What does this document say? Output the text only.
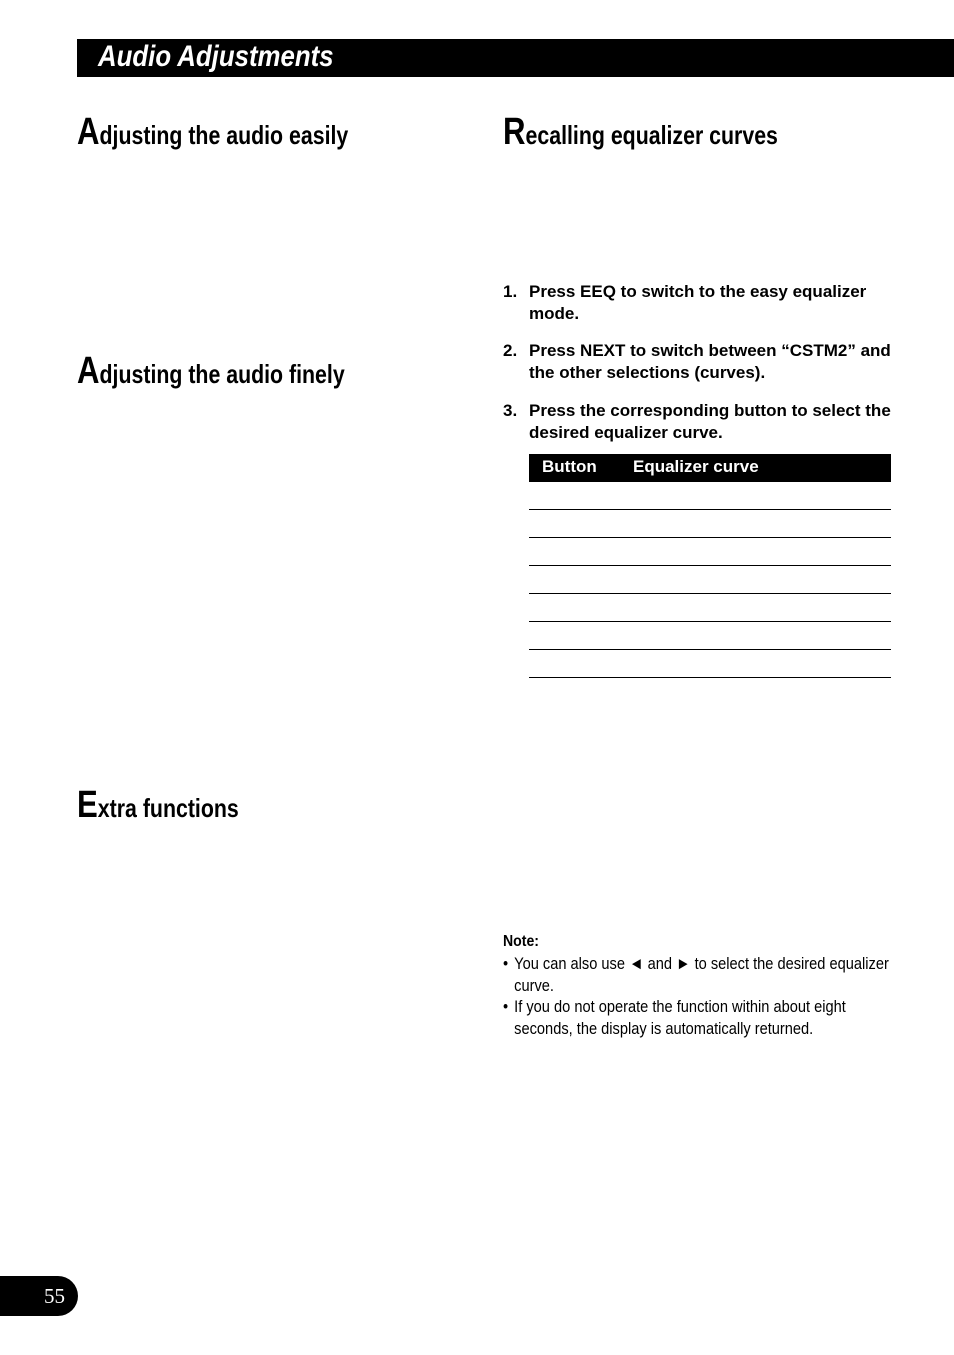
Audio Adjustments
Adjusting the audio easily
Adjusting the audio finely
Extra functions
Recalling equalizer curves
1. Press EEQ to switch to the easy equalizer mode.
2. Press NEXT to switch between “CSTM2” and the other selections (curves).
3. Press the corresponding button to select the desired equalizer curve.
Button Equalizer curve
Note:
• You can also use ◄ and ► to select the desired equalizer curve.
• If you do not operate the function within about eight seconds, the display is automatically returned.
55
